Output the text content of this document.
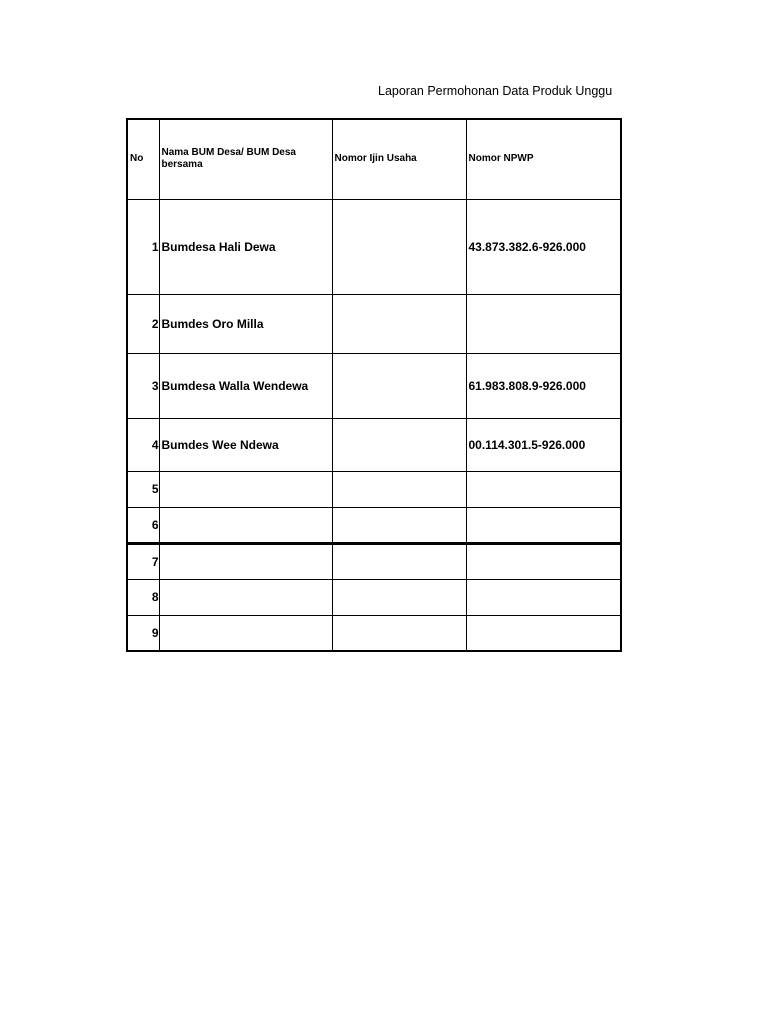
Laporan Permohonan Data Produk Unggu
No	Nama BUM Desa/ BUM Desa bersama	Nomor Ijin Usaha	Nomor NPWP
1	Bumdesa Hali Dewa		43.873.382.6-926.000
2	Bumdes Oro Milla		
3	Bumdesa Walla Wendewa		61.983.808.9-926.000
4	Bumdes Wee Ndewa		00.114.301.5-926.000
5			
6			
7			
8			
9			
